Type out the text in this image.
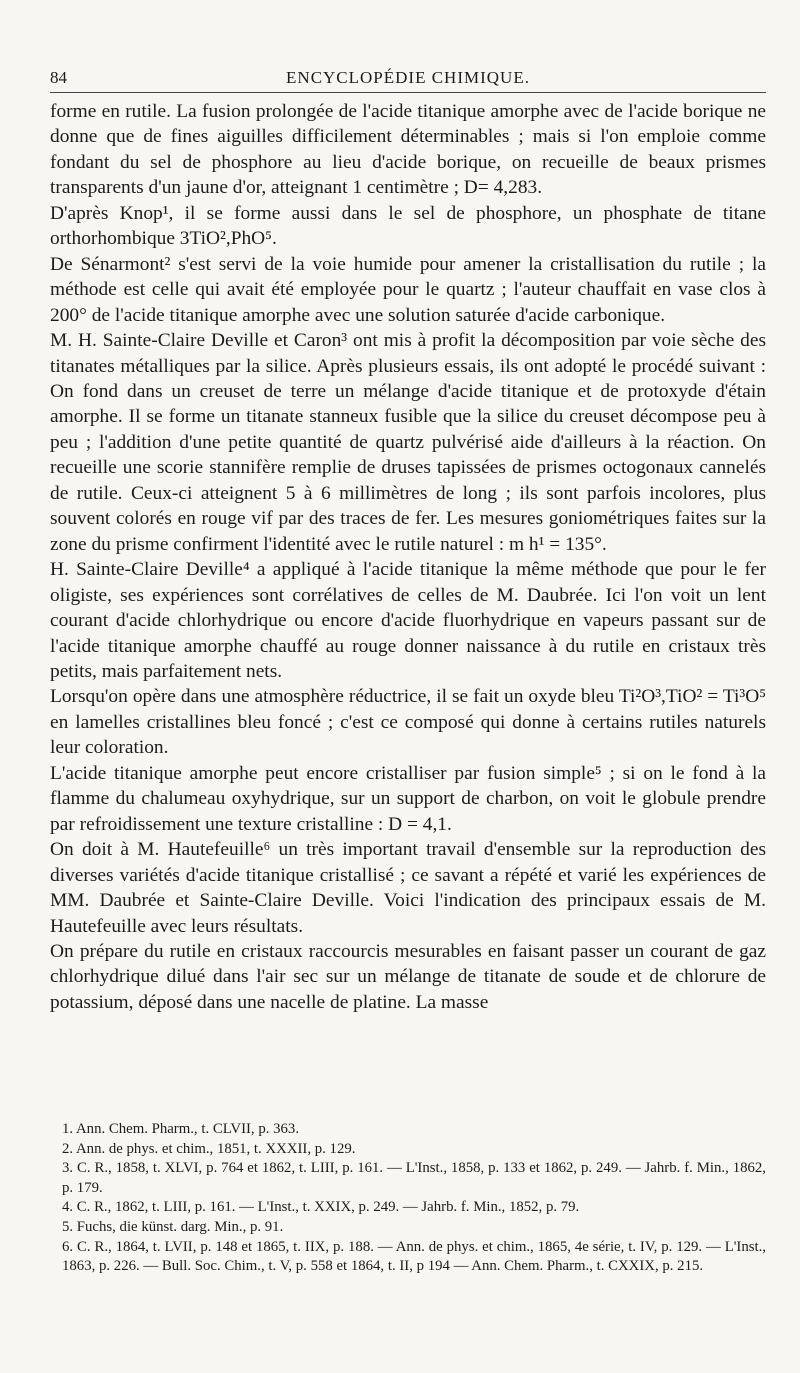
84	ENCYCLOPÉDIE CHIMIQUE.

forme en rutile. La fusion prolongée de l'acide titanique amorphe avec de l'acide borique ne donne que de fines aiguilles difficilement déterminables ; mais si l'on emploie comme fondant du sel de phosphore au lieu d'acide borique, on recueille de beaux prismes transparents d'un jaune d'or, atteignant 1 centimètre ; D= 4,283.

D'après Knop¹, il se forme aussi dans le sel de phosphore, un phosphate de titane orthorhombique 3TiO²,PhO⁵.

De Sénarmont² s'est servi de la voie humide pour amener la cristallisation du rutile ; la méthode est celle qui avait été employée pour le quartz ; l'auteur chauffait en vase clos à 200° de l'acide titanique amorphe avec une solution saturée d'acide carbonique.

M. H. Sainte-Claire Deville et Caron³ ont mis à profit la décomposition par voie sèche des titanates métalliques par la silice. Après plusieurs essais, ils ont adopté le procédé suivant : On fond dans un creuset de terre un mélange d'acide titanique et de protoxyde d'étain amorphe. Il se forme un titanate stanneux fusible que la silice du creuset décompose peu à peu ; l'addition d'une petite quantité de quartz pulvérisé aide d'ailleurs à la réaction. On recueille une scorie stannifère remplie de druses tapissées de prismes octogonaux cannelés de rutile. Ceux-ci atteignent 5 à 6 millimètres de long ; ils sont parfois incolores, plus souvent colorés en rouge vif par des traces de fer. Les mesures goniométriques faites sur la zone du prisme confirment l'identité avec le rutile naturel : m h¹ = 135°.

H. Sainte-Claire Deville⁴ a appliqué à l'acide titanique la même méthode que pour le fer oligiste, ses expériences sont corrélatives de celles de M. Daubrée. Ici l'on voit un lent courant d'acide chlorhydrique ou encore d'acide fluorhydrique en vapeurs passant sur de l'acide titanique amorphe chauffé au rouge donner naissance à du rutile en cristaux très petits, mais parfaitement nets.

Lorsqu'on opère dans une atmosphère réductrice, il se fait un oxyde bleu Ti²O³,TiO² = Ti³O⁵ en lamelles cristallines bleu foncé ; c'est ce composé qui donne à certains rutiles naturels leur coloration.

L'acide titanique amorphe peut encore cristalliser par fusion simple⁵ ; si on le fond à la flamme du chalumeau oxyhydrique, sur un support de charbon, on voit le globule prendre par refroidissement une texture cristalline : D = 4,1.

On doit à M. Hautefeuille⁶ un très important travail d'ensemble sur la reproduction des diverses variétés d'acide titanique cristallisé ; ce savant a répété et varié les expériences de MM. Daubrée et Sainte-Claire Deville. Voici l'indication des principaux essais de M. Hautefeuille avec leurs résultats.

On prépare du rutile en cristaux raccourcis mesurables en faisant passer un courant de gaz chlorhydrique dilué dans l'air sec sur un mélange de titanate de soude et de chlorure de potassium, déposé dans une nacelle de platine. La masse

1. Ann. Chem. Pharm., t. CLVII, p. 363.

2. Ann. de phys. et chim., 1851, t. XXXII, p. 129.

3. C. R., 1858, t. XLVI, p. 764 et 1862, t. LIII, p. 161. — L'Inst., 1858, p. 133 et 1862, p. 249. — Jahrb. f. Min., 1862, p. 179.

4. C. R., 1862, t. LIII, p. 161. — L'Inst., t. XXIX, p. 249. — Jahrb. f. Min., 1852, p. 79.

5. Fuchs, die künst. darg. Min., p. 91.

6. C. R., 1864, t. LVII, p. 148 et 1865, t. IIX, p. 188. — Ann. de phys. et chim., 1865, 4e série, t. IV, p. 129. — L'Inst., 1863, p. 226. — Bull. Soc. Chim., t. V, p. 558 et 1864, t. II, p 194 — Ann. Chem. Pharm., t. CXXIX, p. 215.
